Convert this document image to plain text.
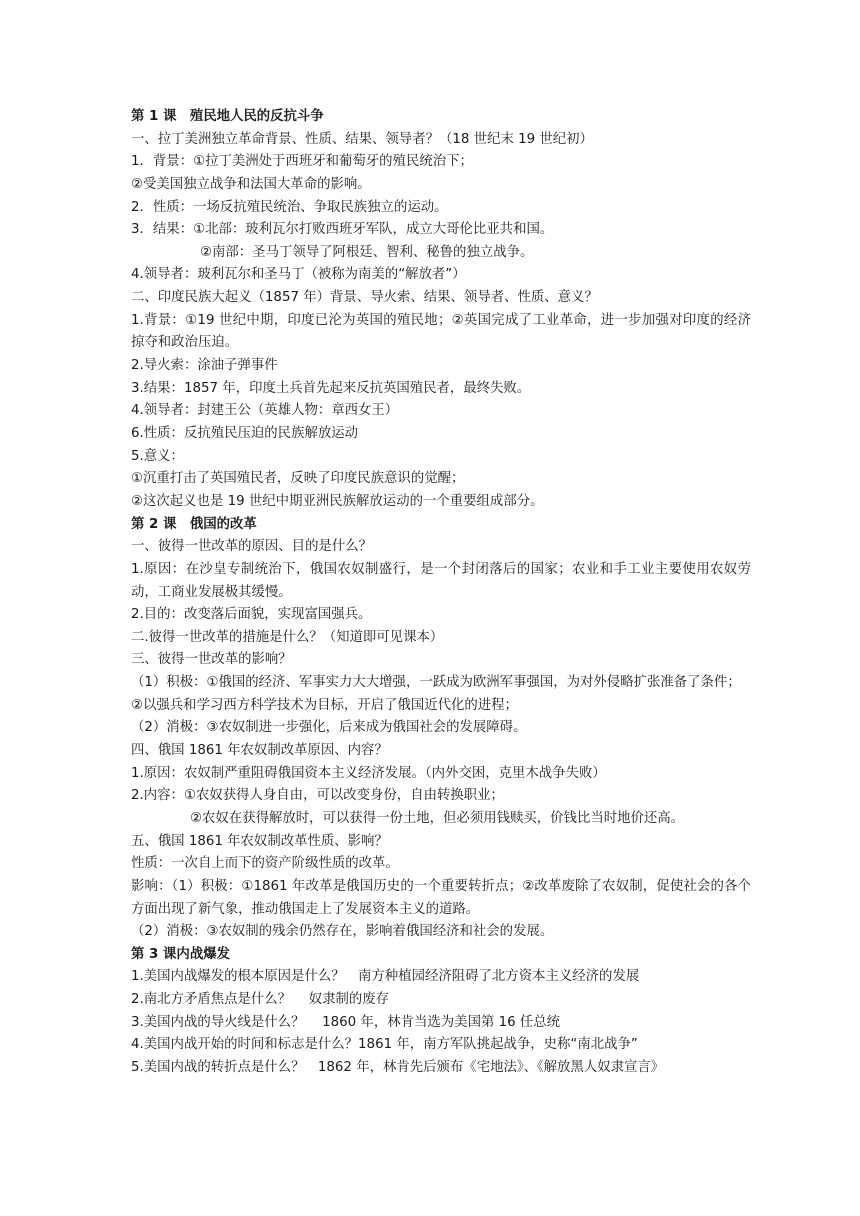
第 1 课　殖民地人民的反抗斗争
一、拉丁美洲独立革命背景、性质、结果、领导者？（18 世纪末 19 世纪初）
1．背景：①拉丁美洲处于西班牙和葡萄牙的殖民统治下；
②受美国独立战争和法国大革命的影响。
2．性质：一场反抗殖民统治、争取民族独立的运动。
3．结果：①北部：玻利瓦尔打败西班牙军队，成立大哥伦比亚共和国。
②南部：圣马丁领导了阿根廷、智利、秘鲁的独立战争。
4.领导者：玻利瓦尔和圣马丁（被称为南美的“解放者”）
二、印度民族大起义（1857 年）背景、导火索、结果、领导者、性质、意义？
1.背景：①19 世纪中期，印度已沦为英国的殖民地；②英国完成了工业革命，进一步加强对印度的经济掠夺和政治压迫。
2.导火索：涂油子弹事件
3.结果：1857 年，印度土兵首先起来反抗英国殖民者，最终失败。
4.领导者：封建王公（英雄人物：章西女王）
6.性质：反抗殖民压迫的民族解放运动
5.意义：
①沉重打击了英国殖民者，反映了印度民族意识的觉醒；
②这次起义也是 19 世纪中期亚洲民族解放运动的一个重要组成部分。
第 2 课　俄国的改革
一、彼得一世改革的原因、目的是什么？
1.原因：在沙皇专制统治下，俄国农奴制盛行，是一个封闭落后的国家；农业和手工业主要使用农奴劳动，工商业发展极其缓慢。
2.目的：改变落后面貌，实现富国强兵。
二.彼得一世改革的措施是什么？（知道即可见课本）
三、彼得一世改革的影响？
（1）积极：①俄国的经济、军事实力大大增强，一跃成为欧洲军事强国，为对外侵略扩张准备了条件；
②以强兵和学习西方科学技术为目标，开启了俄国近代化的进程；
（2）消极：③农奴制进一步强化，后来成为俄国社会的发展障碍。
四、俄国 1861 年农奴制改革原因、内容？
1.原因：农奴制严重阻碍俄国资本主义经济发展。（内外交困，克里木战争失败）
2.内容：①农奴获得人身自由，可以改变身份，自由转换职业；
②农奴在获得解放时，可以获得一份土地，但必须用钱赎买，价钱比当时地价还高。
五、俄国 1861 年农奴制改革性质、影响？
性质：一次自上而下的资产阶级性质的改革。
影响：（1）积极：①1861 年改革是俄国历史的一个重要转折点；②改革废除了农奴制，促使社会的各个方面出现了新气象，推动俄国走上了发展资本主义的道路。
（2）消极：③农奴制的残余仍然存在，影响着俄国经济和社会的发展。
第 3 课内战爆发
1.美国内战爆发的根本原因是什么？　南方种植园经济阻碍了北方资本主义经济的发展
2.南北方矛盾焦点是什么？　 奴隶制的废存
3.美国内战的导火线是什么？　 1860 年，林肯当选为美国第 16 任总统
4.美国内战开始的时间和标志是什么？1861 年，南方军队挑起战争，史称“南北战争”
5.美国内战的转折点是什么？　1862 年，林肯先后颁布《宅地法》、《解放黑人奴隶宣言》
